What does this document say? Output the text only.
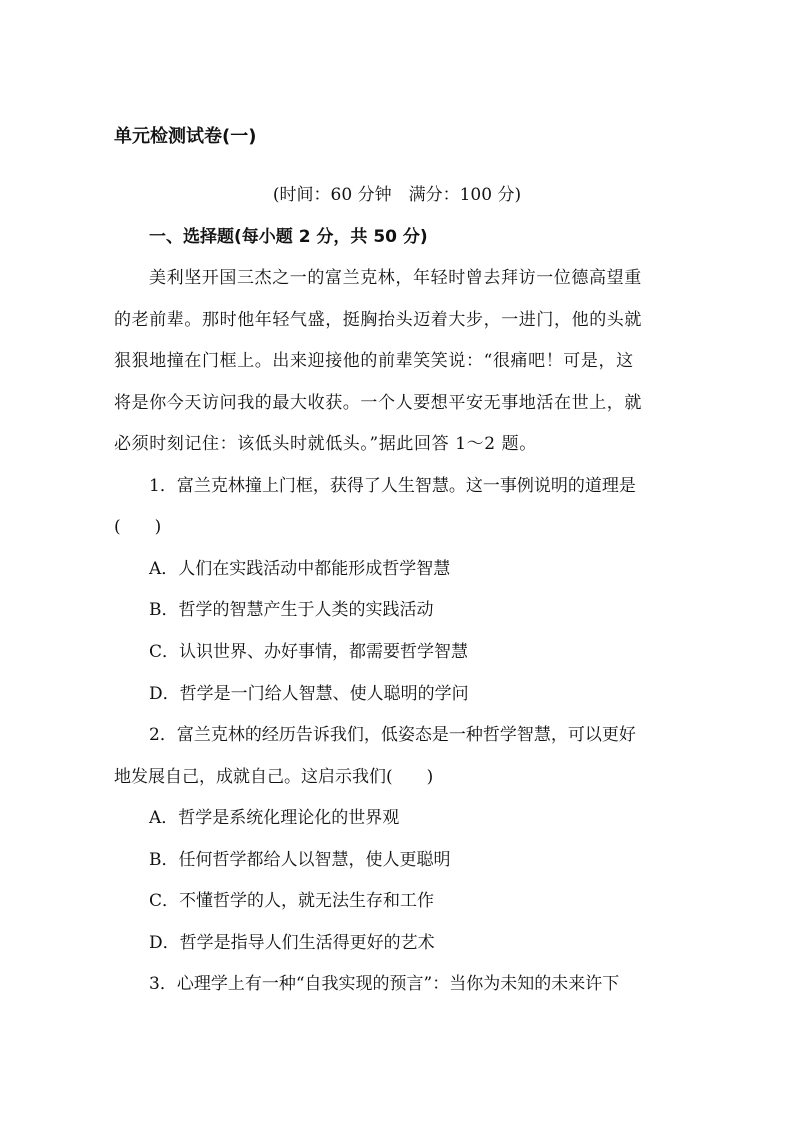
单元检测试卷(一)
(时间：60 分钟　满分：100 分)
一、选择题(每小题 2 分，共 50 分)
美利坚开国三杰之一的富兰克林，年轻时曾去拜访一位德高望重
的老前辈。那时他年轻气盛，挺胸抬头迈着大步，一进门，他的头就
狠狠地撞在门框上。出来迎接他的前辈笑笑说：“很痛吧！可是，这
将是你今天访问我的最大收获。一个人要想平安无事地活在世上，就
必须时刻记住：该低头时就低头。”据此回答 1～2 题。
1．富兰克林撞上门框，获得了人生智慧。这一事例说明的道理是
(　　)
A．人们在实践活动中都能形成哲学智慧
B．哲学的智慧产生于人类的实践活动
C．认识世界、办好事情，都需要哲学智慧
D．哲学是一门给人智慧、使人聪明的学问
2．富兰克林的经历告诉我们，低姿态是一种哲学智慧，可以更好
地发展自己，成就自己。这启示我们(　　)
A．哲学是系统化理论化的世界观
B．任何哲学都给人以智慧，使人更聪明
C．不懂哲学的人，就无法生存和工作
D．哲学是指导人们生活得更好的艺术
3．心理学上有一种“自我实现的预言”：当你为未知的未来许下
